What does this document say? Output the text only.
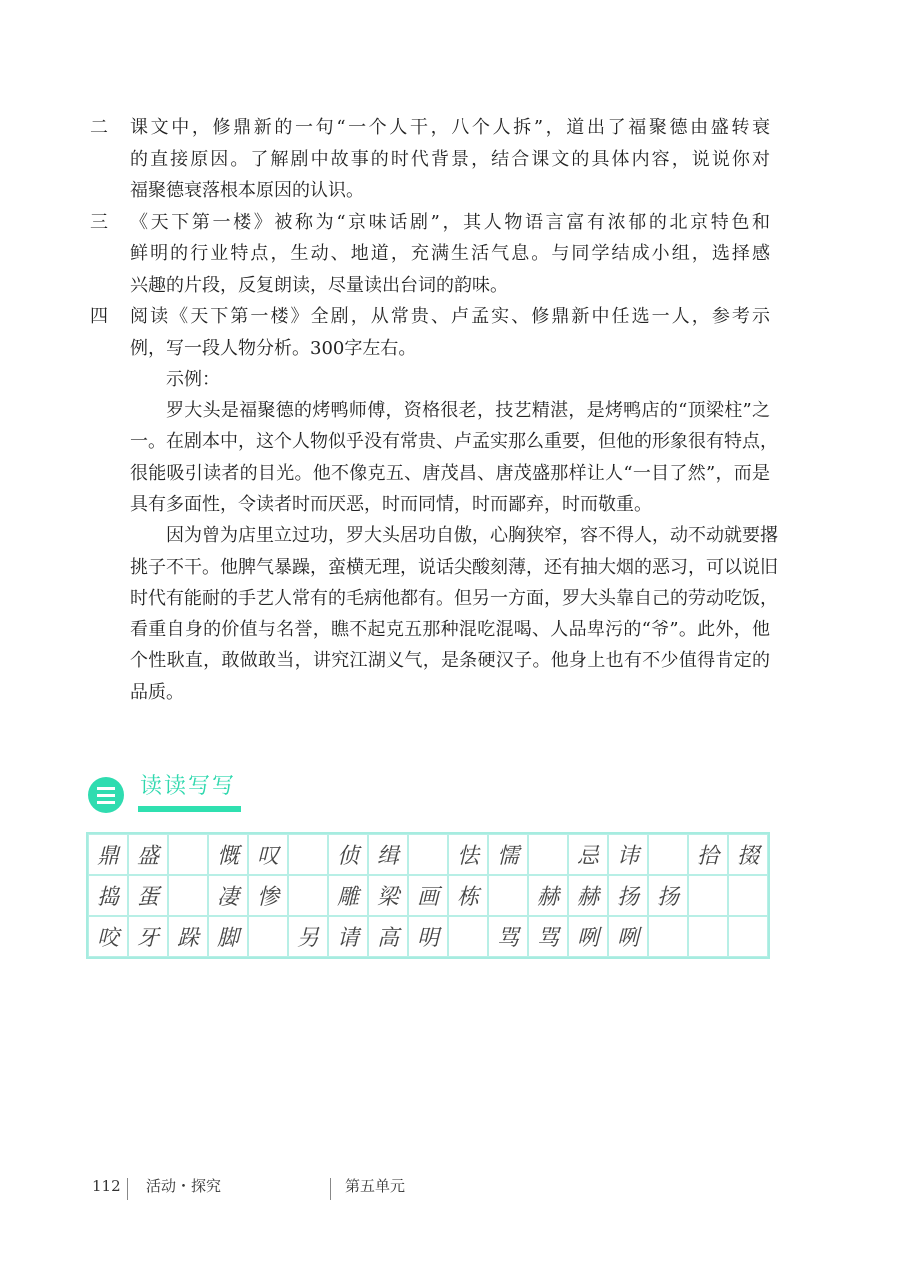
二 课文中，修鼎新的一句“一个人干，八个人拆”，道出了福聚德由盛转衰
的直接原因。了解剧中故事的时代背景，结合课文的具体内容，说说你对
福聚德衰落根本原因的认识。
三 《天下第一楼》被称为“京味话剧”，其人物语言富有浓郁的北京特色和
鲜明的行业特点，生动、地道，充满生活气息。与同学结成小组，选择感
兴趣的片段，反复朗读，尽量读出台词的韵味。
四 阅读《天下第一楼》全剧，从常贵、卢孟实、修鼎新中任选一人，参考示
例，写一段人物分析。300字左右。
示例：
罗大头是福聚德的烤鸭师傅，资格很老，技艺精湛，是烤鸭店的“顶梁柱”之
一。在剧本中，这个人物似乎没有常贵、卢孟实那么重要，但他的形象很有特点，
很能吸引读者的目光。他不像克五、唐茂昌、唐茂盛那样让人“一目了然”，而是
具有多面性，令读者时而厌恶，时而同情，时而鄙弃，时而敬重。
因为曾为店里立过功，罗大头居功自傲，心胸狭窄，容不得人，动不动就要撂
挑子不干。他脾气暴躁，蛮横无理，说话尖酸刻薄，还有抽大烟的恶习，可以说旧
时代有能耐的手艺人常有的毛病他都有。但另一方面，罗大头靠自己的劳动吃饭，
看重自身的价值与名誉，瞧不起克五那种混吃混喝、人品卑污的“爷”。此外，他
个性耿直，敢做敢当，讲究江湖义气，是条硬汉子。他身上也有不少值得肯定的
品质。
读读写写
鼎 盛	慨 叹	侦 缉	怯 懦	忌 讳	拾 掇
捣 蛋	凄 惨	雕 梁 画 栋	赫 赫 扬 扬
咬 牙 跺 脚	另 请 高 明	骂 骂 咧 咧
112 活动・探究	第五单元
